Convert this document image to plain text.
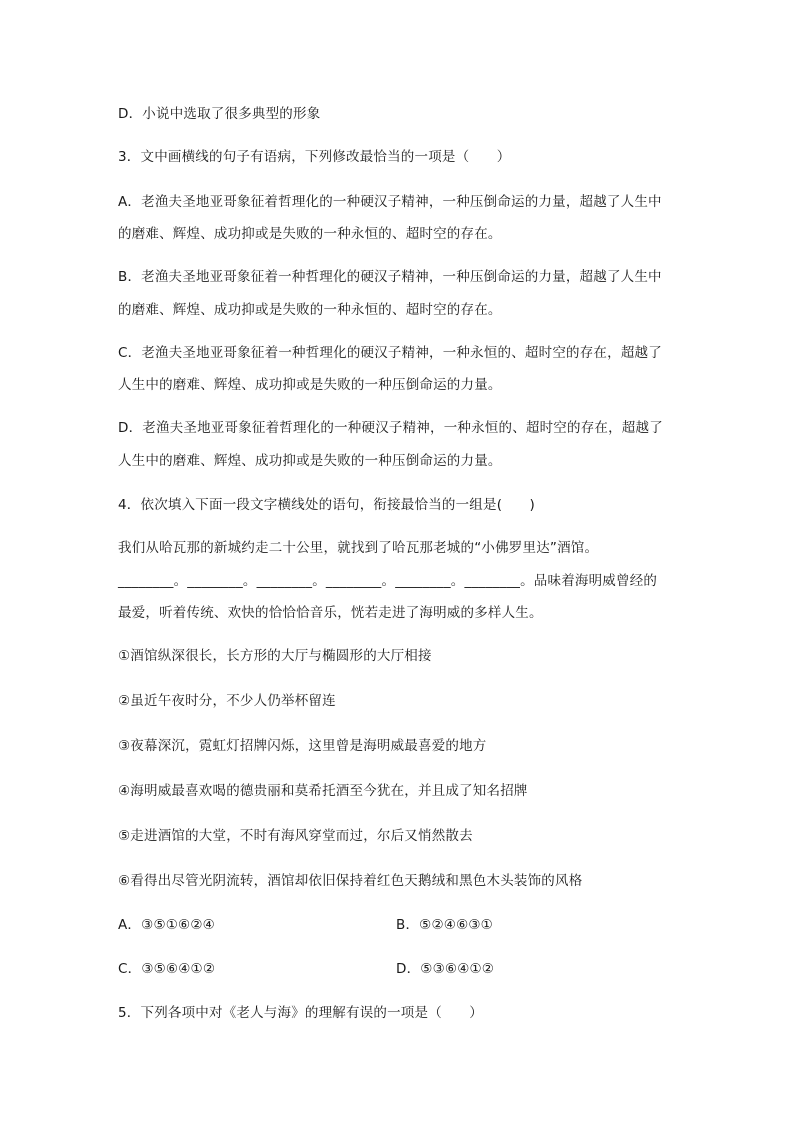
D．小说中选取了很多典型的形象
3．文中画横线的句子有语病，下列修改最恰当的一项是（　　）
A．老渔夫圣地亚哥象征着哲理化的一种硬汉子精神，一种压倒命运的力量，超越了人生中
的磨难、辉煌、成功抑或是失败的一种永恒的、超时空的存在。
B．老渔夫圣地亚哥象征着一种哲理化的硬汉子精神，一种压倒命运的力量，超越了人生中
的磨难、辉煌、成功抑或是失败的一种永恒的、超时空的存在。
C．老渔夫圣地亚哥象征着一种哲理化的硬汉子精神，一种永恒的、超时空的存在，超越了
人生中的磨难、辉煌、成功抑或是失败的一种压倒命运的力量。
D．老渔夫圣地亚哥象征着哲理化的一种硬汉子精神，一种永恒的、超时空的存在，超越了
人生中的磨难、辉煌、成功抑或是失败的一种压倒命运的力量。
4．依次填入下面一段文字横线处的语句，衔接最恰当的一组是(　　)
我们从哈瓦那的新城约走二十公里，就找到了哈瓦那老城的“小佛罗里达”酒馆。
________。________。________。________。________。________。品味着海明威曾经的
最爱，听着传统、欢快的恰恰恰音乐，恍若走进了海明威的多样人生。
①酒馆纵深很长，长方形的大厅与椭圆形的大厅相接
②虽近午夜时分，不少人仍举杯留连
③夜幕深沉，霓虹灯招牌闪烁，这里曾是海明威最喜爱的地方
④海明威最喜欢喝的德贵丽和莫希托酒至今犹在，并且成了知名招牌
⑤走进酒馆的大堂，不时有海风穿堂而过，尔后又悄然散去
⑥看得出尽管光阴流转，酒馆却依旧保持着红色天鹅绒和黑色木头装饰的风格
A．③⑤①⑥②④	B．⑤②④⑥③①
C．③⑤⑥④①②	D．⑤③⑥④①②
5．下列各项中对《老人与海》的理解有误的一项是（　　）
